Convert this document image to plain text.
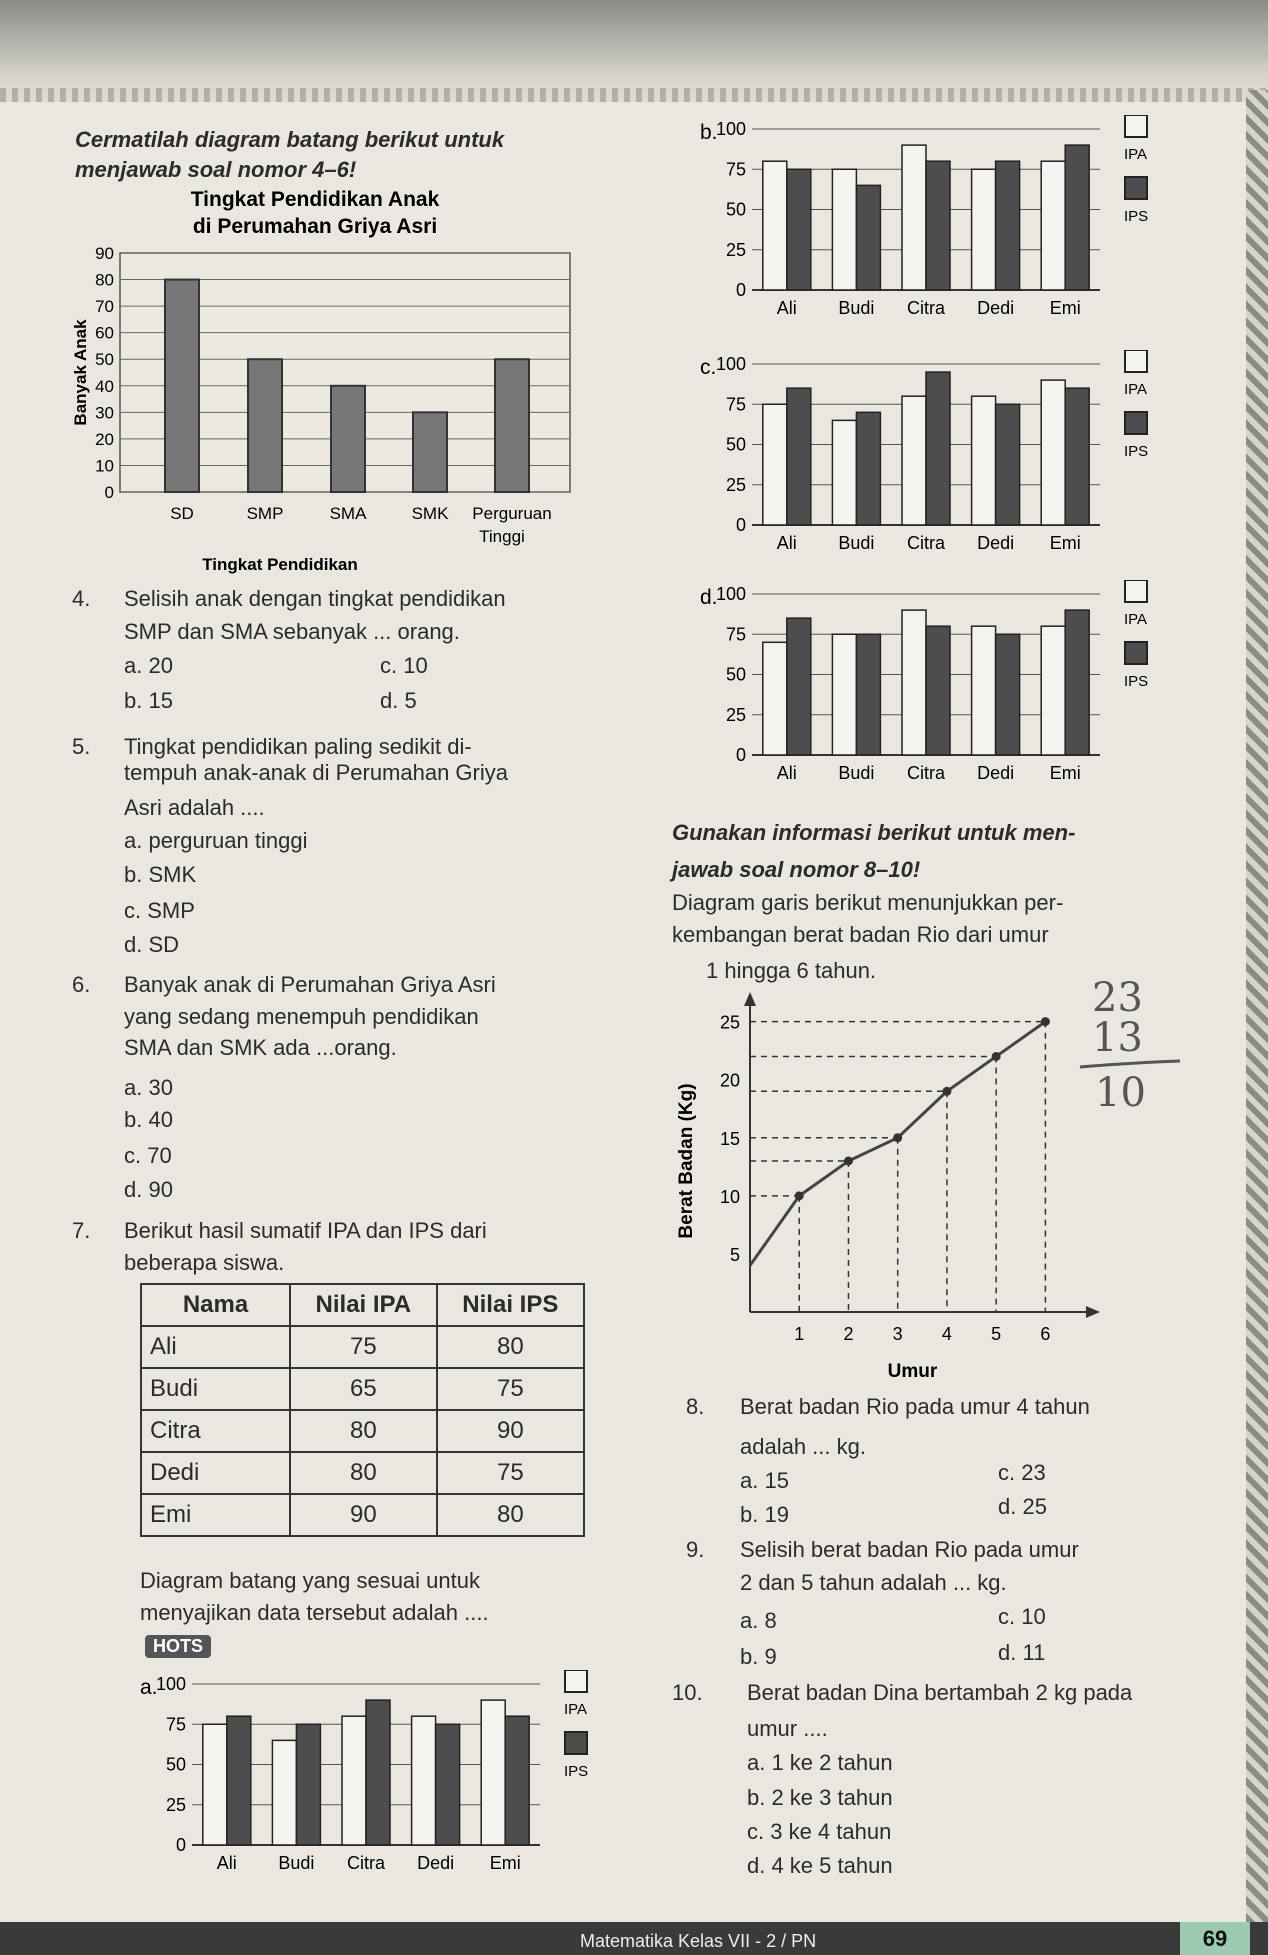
Cermatilah diagram batang berikut untuk
menjawab soal nomor 4–6!
Tingkat Pendidikan Anak
di Perumahan Griya Asri
0
10
20
30
40
50
60
70
80
90
SD	SMP	SMA	SMK Perguruan
Tinggi
Tingkat Pendidikan
Banyak Anak
4. Selisih anak dengan tingkat pendidikan
SMP dan SMA sebanyak ... orang.
a. 20	c. 10
b. 15	d. 5
5. Tingkat pendidikan paling sedikit di-
tempuh anak-anak di Perumahan Griya
Asri adalah ....
a. perguruan tinggi
b. SMK
c. SMP
d. SD
6. Banyak anak di Perumahan Griya Asri
yang sedang menempuh pendidikan
SMA dan SMK ada ...orang.
a. 30
b. 40
c. 70
d. 90
7. Berikut hasil sumatif IPA dan IPS dari
beberapa siswa.
Nama	Nilai IPA	Nilai IPS
Ali	75	80
Budi	65	75
Citra	80	90
Dedi	80	75
Emi	90	80
Diagram batang yang sesuai untuk
menyajikan data tersebut adalah ....
HOTS
a.
0
25
50
75
100
Ali Budi Citra Dedi Emi
IPA
IPS
b.
0
25
50
75
100
Ali Budi Citra Dedi Emi
IPA
IPS
c.
0
25
50
75
100
Ali Budi Citra Dedi Emi
IPA
IPS
d.
0
25
50
75
100
Ali Budi Citra Dedi Emi
IPA
IPS
Gunakan informasi berikut untuk men-
jawab soal nomor 8–10!
Diagram garis berikut menunjukkan per-
kembangan berat badan Rio dari umur
1 hingga 6 tahun.
5
10
15
20
25
1 2 3 4 5 6
Umur
Berat Badan (Kg)
23
13
10
8. Berat badan Rio pada umur 4 tahun
adalah ... kg.
a. 15	c. 23
b. 19	d. 25
9. Selisih berat badan Rio pada umur
2 dan 5 tahun adalah ... kg.
a. 8	c. 10
b. 9	d. 11
10. Berat badan Dina bertambah 2 kg pada
umur ....
a. 1 ke 2 tahun
b. 2 ke 3 tahun
c. 3 ke 4 tahun
d. 4 ke 5 tahun
Matematika Kelas VII - 2 / PN	69
